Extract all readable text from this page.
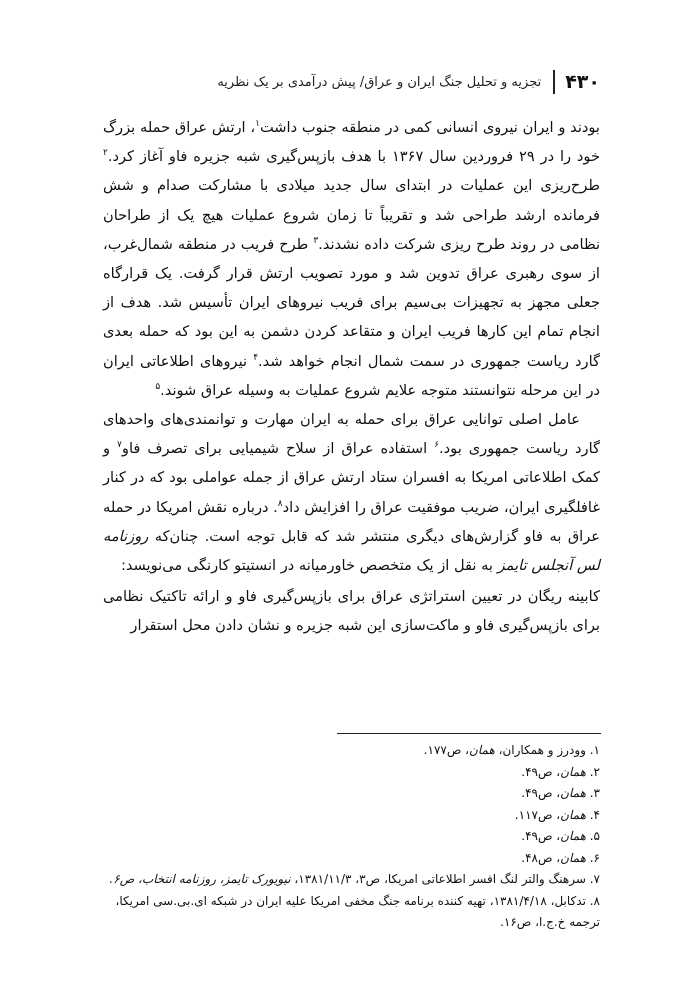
۴۳۰
تجزیه و تحلیل جنگ ایران و عراق/ پیش درآمدی بر یک نظریه

بودند و ایران نیروی انسانی کمی در منطقه جنوب داشت$^۱$، ارتش عراق حمله بزرگ خود را در ۲۹ فروردین سال ۱۳۶۷ با هدف بازپس‌گیری شبه جزیره فاو آغاز کرد.$^۲$ طرح‌ریزی این عملیات در ابتدای سال جدید میلادی با مشارکت صدام و شش فرمانده ارشد طراحی شد و تقریباً تا زمان شروع عملیات هیچ یک از طراحان نظامی در روند طرح ریزی شرکت داده نشدند.$^۳$ طرح فریب در منطقه شمال‌غرب، از سوی رهبری عراق تدوین شد و مورد تصویب ارتش قرار گرفت. یک قرارگاه جعلی مجهز به تجهیزات بی‌سیم برای فریب نیروهای ایران تأسیس شد. هدف از انجام تمام این کارها فریب ایران و متقاعد کردن دشمن به این بود که حمله بعدی گارد ریاست جمهوری در سمت شمال انجام خواهد شد.$^۴$ نیروهای اطلاعاتی ایران در این مرحله نتوانستند متوجه علایم شروع عملیات به وسیله عراق شوند.$^۵$

عامل اصلی توانایی عراق برای حمله به ایران مهارت و توانمندی‌های واحدهای گارد ریاست جمهوری بود.$^۶$ استفاده عراق از سلاح شیمیایی برای تصرف فاو$^۷$ و کمک اطلاعاتی امریکا به افسران ستاد ارتش عراق از جمله عواملی بود که در کنار غافلگیری ایران، ضریب موفقیت عراق را افزایش داد$^۸$. درباره نقش امریکا در حمله عراق به فاو گزارش‌های دیگری منتشر شد که قابل توجه است. چنان‌که روزنامه لس آنجلس تایمز به نقل از یک متخصص خاورمیانه در انستیتو کارنگی می‌نویسد:

کابینه ریگان در تعیین استراتژی عراق برای بازپس‌گیری فاو و ارائه تاکتیک نظامی برای بازپس‌گیری فاو و ماکت‌سازی این شبه جزیره و نشان دادن محل استقرار

۱. وودرز و همکاران، همان، ص۱۷۷.

۲. همان، ص۴۹.

۳. همان، ص۴۹.

۴. همان، ص۱۱۷.

۵. همان، ص۴۹.

۶. همان، ص۴۸.

۷. سرهنگ والتر لنگ افسر اطلاعاتی امریکا، ص۳، ۱۳۸۱/۱۱/۳، نیویورک تایمز، روزنامه انتخاب، ص۶.

۸. تدکابل، ۱۳۸۱/۴/۱۸، تهیه کننده برنامه جنگ مخفی امریکا علیه ایران در شبکه ای.بی.سی امریکا، ترجمه خ.ج.ا، ص۱۶.
